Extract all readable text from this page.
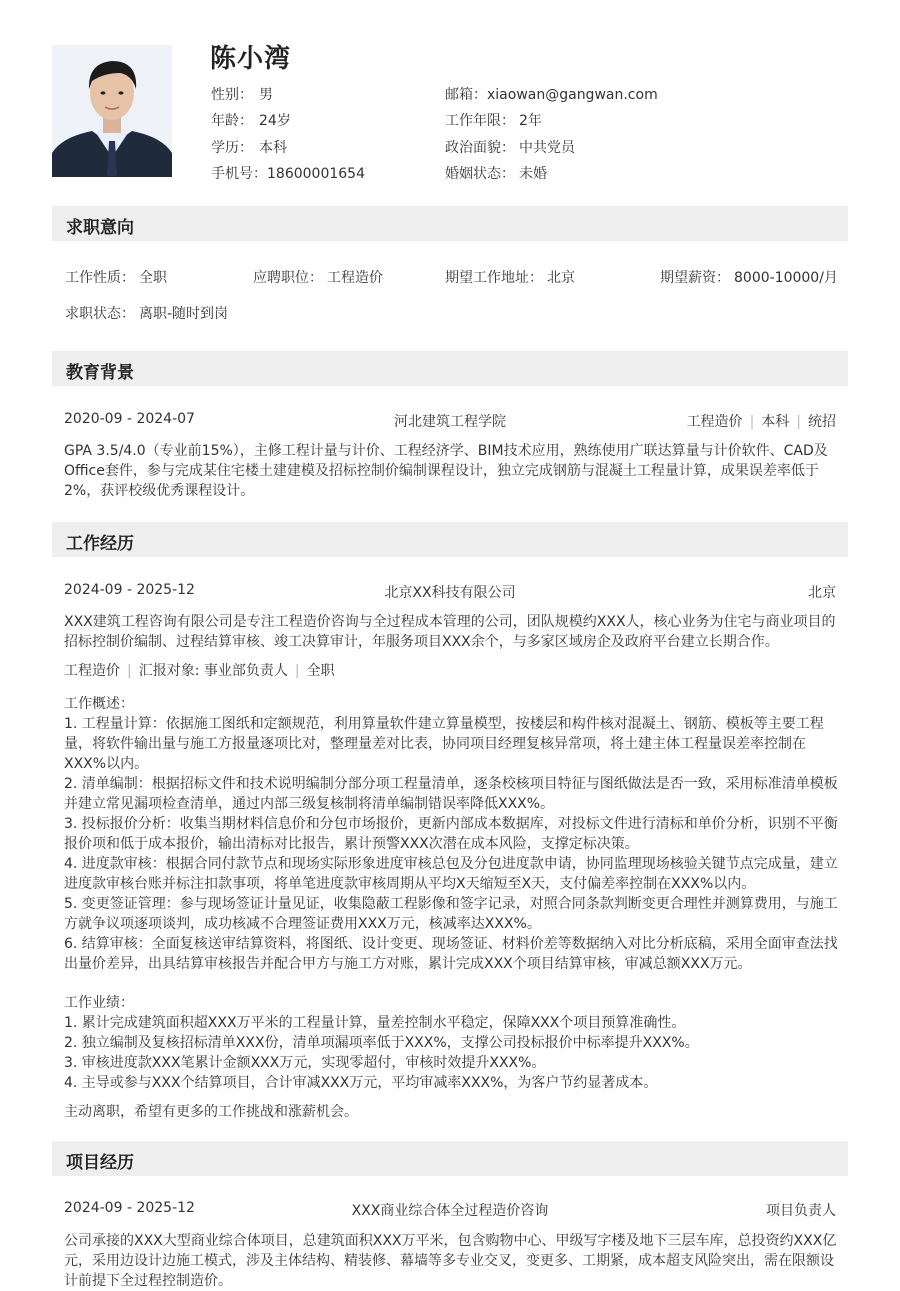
陈小湾
性别： 男	邮箱：xiaowan@gangwan.com
年龄： 24岁	工作年限： 2年
学历： 本科	政治面貌： 中共党员
手机号：18600001654	婚姻状态： 未婚
求职意向
工作性质： 全职	应聘职位： 工程造价	期望工作地址： 北京	期望薪资： 8000-10000/月
求职状态： 离职-随时到岗
教育背景
2020-09 - 2024-07	河北建筑工程学院	工程造价 | 本科 | 统招
GPA 3.5/4.0（专业前15%），主修工程计量与计价、工程经济学、BIM技术应用，熟练使用广联达算量与计价软件、CAD及Office套件，参与完成某住宅楼土建建模及招标控制价编制课程设计，独立完成钢筋与混凝土工程量计算，成果误差率低于2%，获评校级优秀课程设计。
工作经历
2024-09 - 2025-12	北京XX科技有限公司	北京
XXX建筑工程咨询有限公司是专注工程造价咨询与全过程成本管理的公司，团队规模约XXX人，核心业务为住宅与商业项目的招标控制价编制、过程结算审核、竣工决算审计，年服务项目XXX余个，与多家区域房企及政府平台建立长期合作。
工程造价 | 汇报对象: 事业部负责人 | 全职
工作概述：
1. 工程量计算：依据施工图纸和定额规范，利用算量软件建立算量模型，按楼层和构件核对混凝土、钢筋、模板等主要工程量，将软件输出量与施工方报量逐项比对，整理量差对比表，协同项目经理复核异常项，将土建主体工程量误差率控制在XXX%以内。
2. 清单编制：根据招标文件和技术说明编制分部分项工程量清单，逐条校核项目特征与图纸做法是否一致，采用标准清单模板并建立常见漏项检查清单，通过内部三级复核制将清单编制错误率降低XXX%。
3. 投标报价分析：收集当期材料信息价和分包市场报价，更新内部成本数据库，对投标文件进行清标和单价分析，识别不平衡报价项和低于成本报价，输出清标对比报告，累计预警XXX次潜在成本风险，支撑定标决策。
4. 进度款审核：根据合同付款节点和现场实际形象进度审核总包及分包进度款申请，协同监理现场核验关键节点完成量，建立进度款审核台账并标注扣款事项，将单笔进度款审核周期从平均X天缩短至X天，支付偏差率控制在XXX%以内。
5. 变更签证管理：参与现场签证计量见证，收集隐蔽工程影像和签字记录，对照合同条款判断变更合理性并测算费用，与施工方就争议项逐项谈判，成功核减不合理签证费用XXX万元，核减率达XXX%。
6. 结算审核：全面复核送审结算资料，将图纸、设计变更、现场签证、材料价差等数据纳入对比分析底稿，采用全面审查法找出量价差异，出具结算审核报告并配合甲方与施工方对账，累计完成XXX个项目结算审核，审减总额XXX万元。
工作业绩：
1. 累计完成建筑面积超XXX万平米的工程量计算，量差控制水平稳定，保障XXX个项目预算准确性。
2. 独立编制及复核招标清单XXX份，清单项漏项率低于XXX%，支撑公司投标报价中标率提升XXX%。
3. 审核进度款XXX笔累计金额XXX万元，实现零超付，审核时效提升XXX%。
4. 主导或参与XXX个结算项目，合计审减XXX万元，平均审减率XXX%，为客户节约显著成本。
主动离职，希望有更多的工作挑战和涨薪机会。
项目经历
2024-09 - 2025-12	XXX商业综合体全过程造价咨询	项目负责人
公司承接的XXX大型商业综合体项目，总建筑面积XXX万平米，包含购物中心、甲级写字楼及地下三层车库，总投资约XXX亿元，采用边设计边施工模式，涉及主体结构、精装修、幕墙等多专业交叉，变更多、工期紧，成本超支风险突出，需在限额设计前提下全过程控制造价。
